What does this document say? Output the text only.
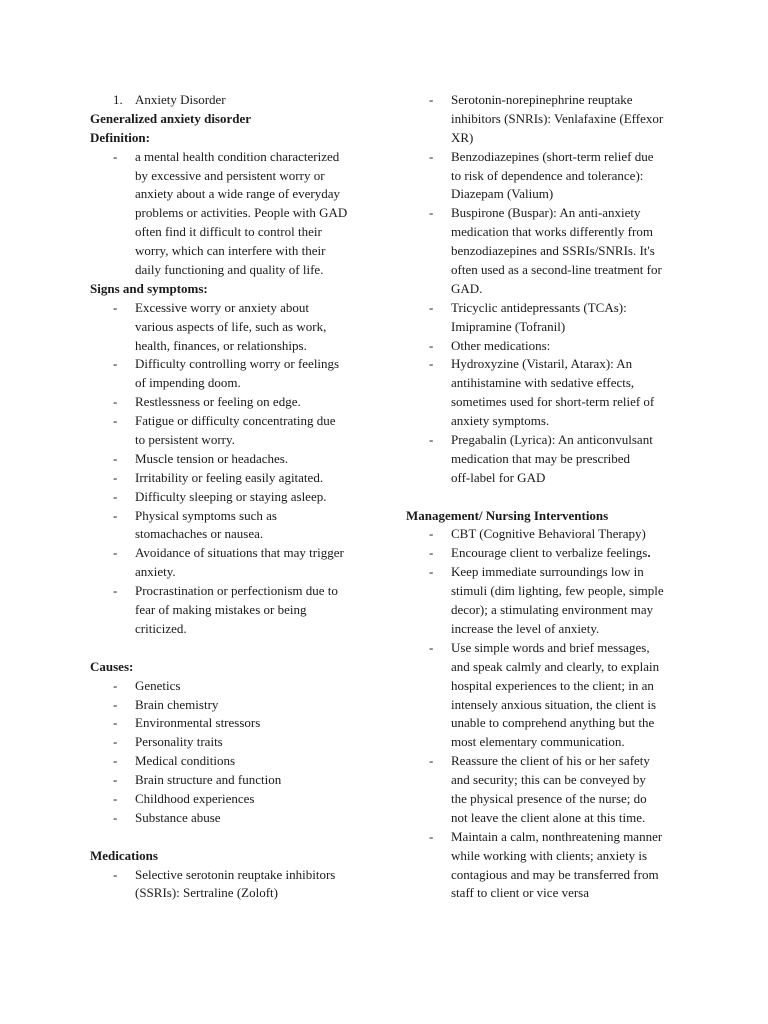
1. Anxiety Disorder
Generalized anxiety disorder
Definition:
- a mental health condition characterized
by excessive and persistent worry or
anxiety about a wide range of everyday
problems or activities. People with GAD
often find it difficult to control their
worry, which can interfere with their
daily functioning and quality of life.
Signs and symptoms:
- Excessive worry or anxiety about
various aspects of life, such as work,
health, finances, or relationships.
- Difficulty controlling worry or feelings
of impending doom.
- Restlessness or feeling on edge.
- Fatigue or difficulty concentrating due
to persistent worry.
- Muscle tension or headaches.
- Irritability or feeling easily agitated.
- Difficulty sleeping or staying asleep.
- Physical symptoms such as
stomachaches or nausea.
- Avoidance of situations that may trigger
anxiety.
- Procrastination or perfectionism due to
fear of making mistakes or being
criticized.
Causes:
- Genetics
- Brain chemistry
- Environmental stressors
- Personality traits
- Medical conditions
- Brain structure and function
- Childhood experiences
- Substance abuse
Medications
- Selective serotonin reuptake inhibitors
(SSRIs): Sertraline (Zoloft)
- Serotonin-norepinephrine reuptake
inhibitors (SNRIs): Venlafaxine (Effexor
XR)
- Benzodiazepines (short-term relief due
to risk of dependence and tolerance):
Diazepam (Valium)
- Buspirone (Buspar): An anti-anxiety
medication that works differently from
benzodiazepines and SSRIs/SNRIs. It's
often used as a second-line treatment for
GAD.
- Tricyclic antidepressants (TCAs):
Imipramine (Tofranil)
- Other medications:
- Hydroxyzine (Vistaril, Atarax): An
antihistamine with sedative effects,
sometimes used for short-term relief of
anxiety symptoms.
- Pregabalin (Lyrica): An anticonvulsant
medication that may be prescribed
off-label for GAD
Management/ Nursing Interventions
- CBT (Cognitive Behavioral Therapy)
- Encourage client to verbalize feelings.
- Keep immediate surroundings low in
stimuli (dim lighting, few people, simple
decor); a stimulating environment may
increase the level of anxiety.
- Use simple words and brief messages,
and speak calmly and clearly, to explain
hospital experiences to the client; in an
intensely anxious situation, the client is
unable to comprehend anything but the
most elementary communication.
- Reassure the client of his or her safety
and security; this can be conveyed by
the physical presence of the nurse; do
not leave the client alone at this time.
- Maintain a calm, nonthreatening manner
while working with clients; anxiety is
contagious and may be transferred from
staff to client or vice versa
